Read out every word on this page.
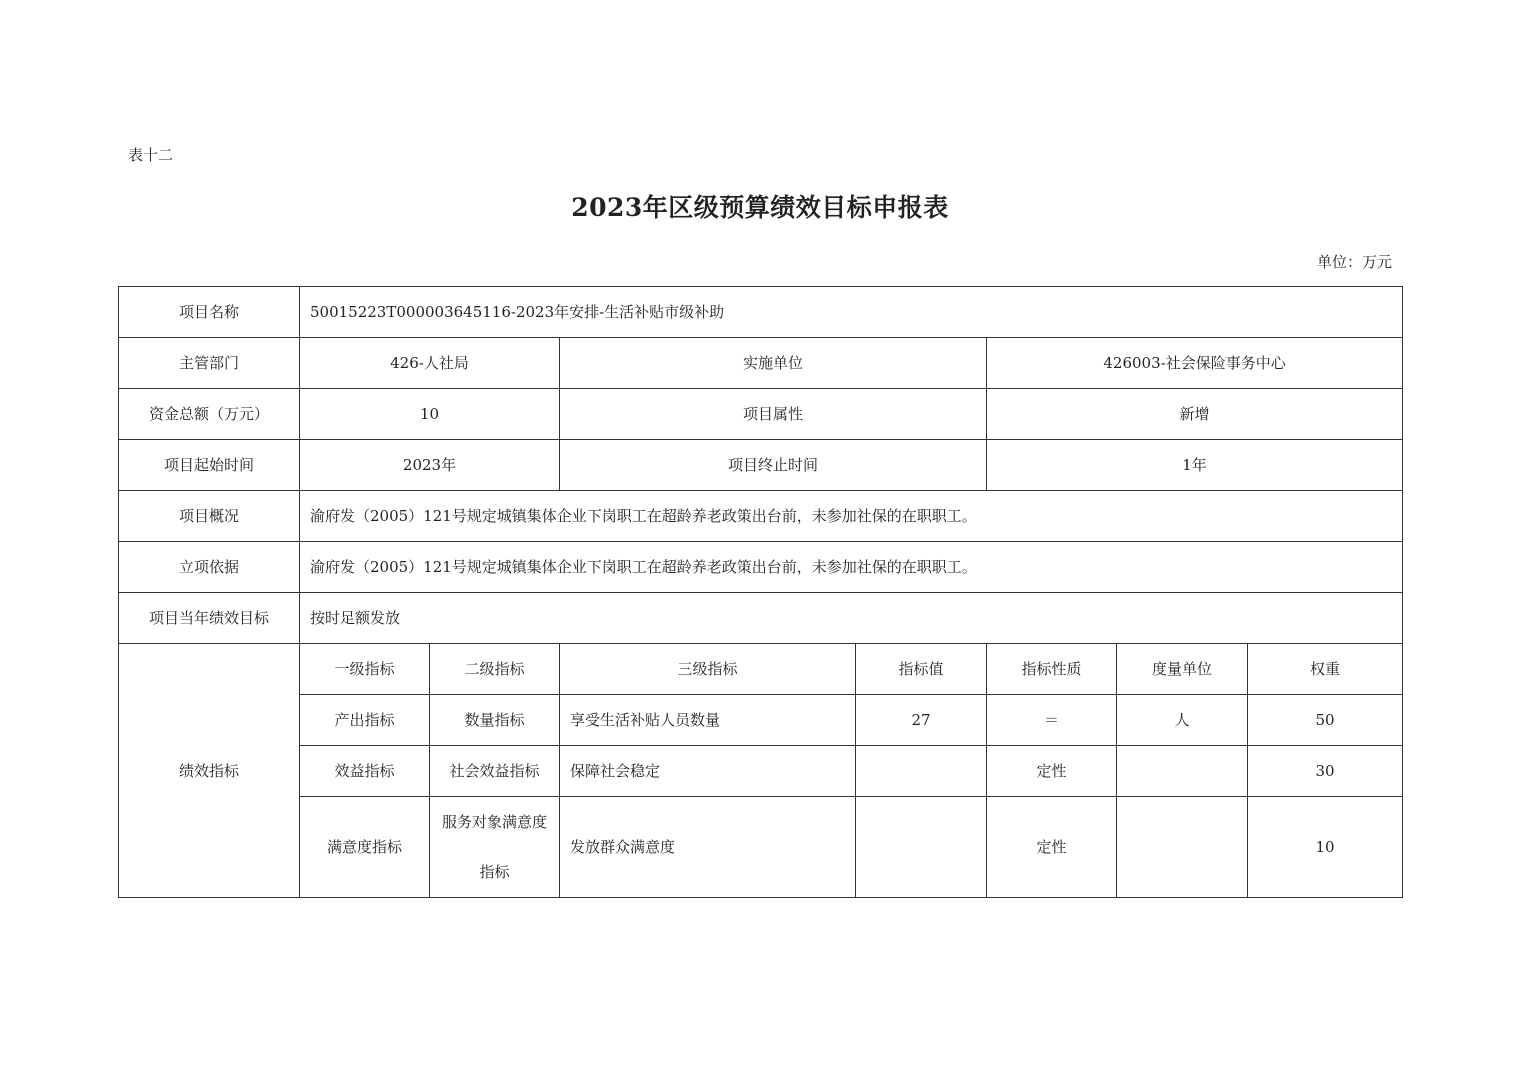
表十二
2023年区级预算绩效目标申报表
单位：万元
项目名称	50015223T000003645116-2023年安排-生活补贴市级补助						
主管部门	426-人社局		实施单位		426003-社会保险事务中心		
资金总额（万元）	10		项目属性		新增		
项目起始时间	2023年		项目终止时间		1年		
项目概况	渝府发（2005）121号规定城镇集体企业下岗职工在超龄养老政策出台前，未参加社保的在职职工。						
立项依据	渝府发（2005）121号规定城镇集体企业下岗职工在超龄养老政策出台前，未参加社保的在职职工。						
项目当年绩效目标	按时足额发放						
绩效指标	一级指标	二级指标	三级指标	指标值	指标性质	度量单位	权重
	产出指标	数量指标	享受生活补贴人员数量	27	＝	人	50
	效益指标	社会效益指标	保障社会稳定		定性		30
	满意度指标	服务对象满意度指标	发放群众满意度		定性		10
